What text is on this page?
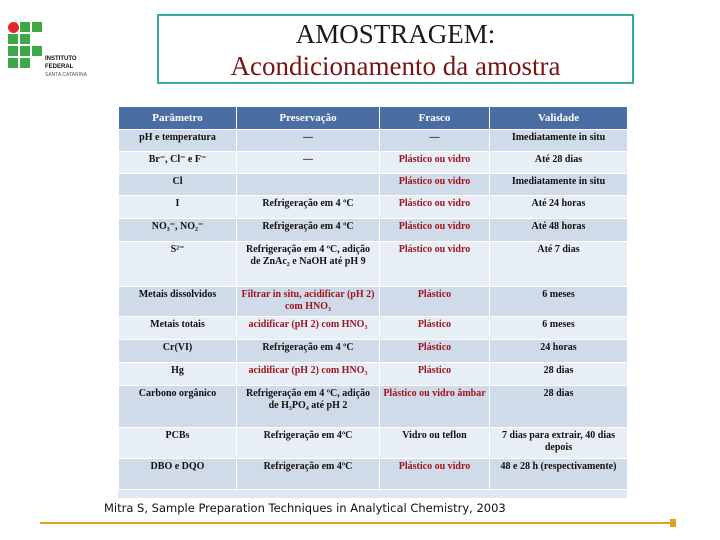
INSTITUTO FEDERAL
SANTA CATARINA
AMOSTRAGEM:
Acondicionamento da amostra
Parâmetro	Preservação	Frasco	Validade
pH e temperatura	—	—	Imediatamente in situ
Br⁻, Cl⁻ e F⁻	—	Plástico ou vidro	Até 28 dias
Cl		Plástico ou vidro	Imediatamente in situ
I	Refrigeração em 4 ºC	Plástico ou vidro	Até 24 horas
NO₃⁻, NO₂⁻	Refrigeração em 4 ºC	Plástico ou vidro	Até 48 horas
S²⁻	Refrigeração em 4 ºC, adição de ZnAc₂ e NaOH até pH 9	Plástico ou vidro	Até 7 dias
Metais dissolvidos	Filtrar in situ, acidificar (pH 2) com HNO₃	Plástico	6 meses
Metais totais	acidificar (pH 2) com HNO₃	Plástico	6 meses
Cr(VI)	Refrigeração em 4 ºC	Plástico	24 horas
Hg	acidificar (pH 2) com HNO₃	Plástico	28 dias
Carbono orgânico	Refrigeração em 4 ºC, adição de H₃PO₄ até pH 2	Plástico ou vidro âmbar	28 dias
PCBs	Refrigeração em 4ºC	Vidro ou teflon	7 dias para extrair, 40 dias depois
DBO e DQO	Refrigeração em 4ºC	Plástico ou vidro	48 e 28 h (respectivamente)
Mitra S, Sample Preparation Techniques in Analytical Chemistry, 2003
